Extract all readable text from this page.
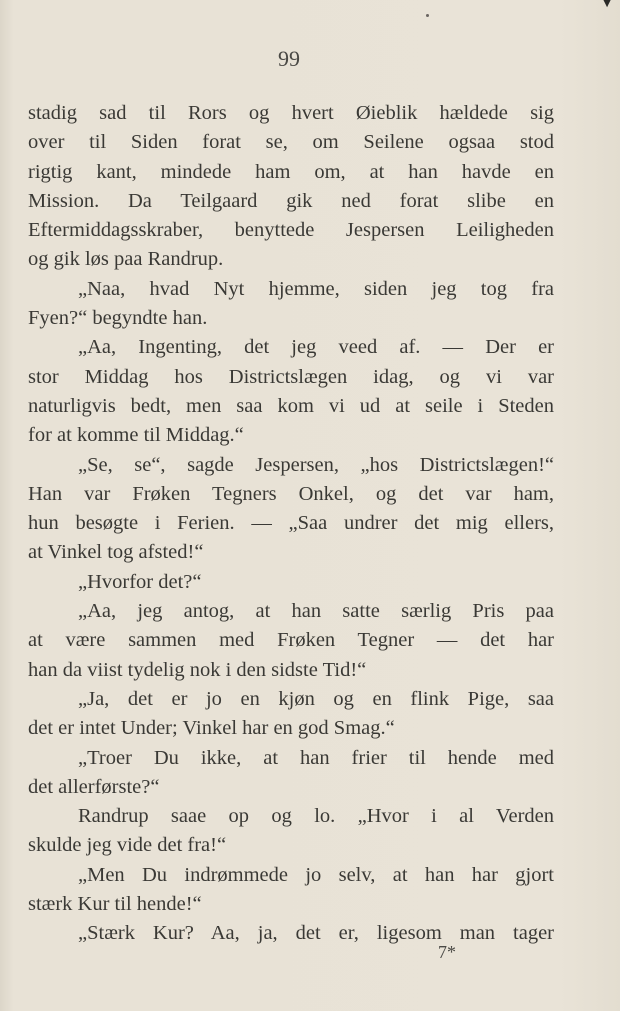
▼
99
stadig sad til Rors og hvert Øieblik hældede sig
over til Siden forat se, om Seilene ogsaa stod
rigtig kant, mindede ham om, at han havde en
Mission. Da Teilgaard gik ned forat slibe en
Eftermiddagsskraber, benyttede Jespersen Leiligheden
og gik løs paa Randrup.
„Naa, hvad Nyt hjemme, siden jeg tog fra
Fyen?“ begyndte han.
„Aa, Ingenting, det jeg veed af. — Der er
stor Middag hos Districtslægen idag, og vi var
naturligvis bedt, men saa kom vi ud at seile i Steden
for at komme til Middag.“
„Se, se“, sagde Jespersen, „hos Districtslægen!“
Han var Frøken Tegners Onkel, og det var ham,
hun besøgte i Ferien. — „Saa undrer det mig ellers,
at Vinkel tog afsted!“
„Hvorfor det?“
„Aa, jeg antog, at han satte særlig Pris paa
at være sammen med Frøken Tegner — det har
han da viist tydelig nok i den sidste Tid!“
„Ja, det er jo en kjøn og en flink Pige, saa
det er intet Under; Vinkel har en god Smag.“
„Troer Du ikke, at han frier til hende med
det allerførste?“
Randrup saae op og lo. „Hvor i al Verden
skulde jeg vide det fra!“
„Men Du indrømmede jo selv, at han har gjort
stærk Kur til hende!“
„Stærk Kur? Aa, ja, det er, ligesom man tager
7*
